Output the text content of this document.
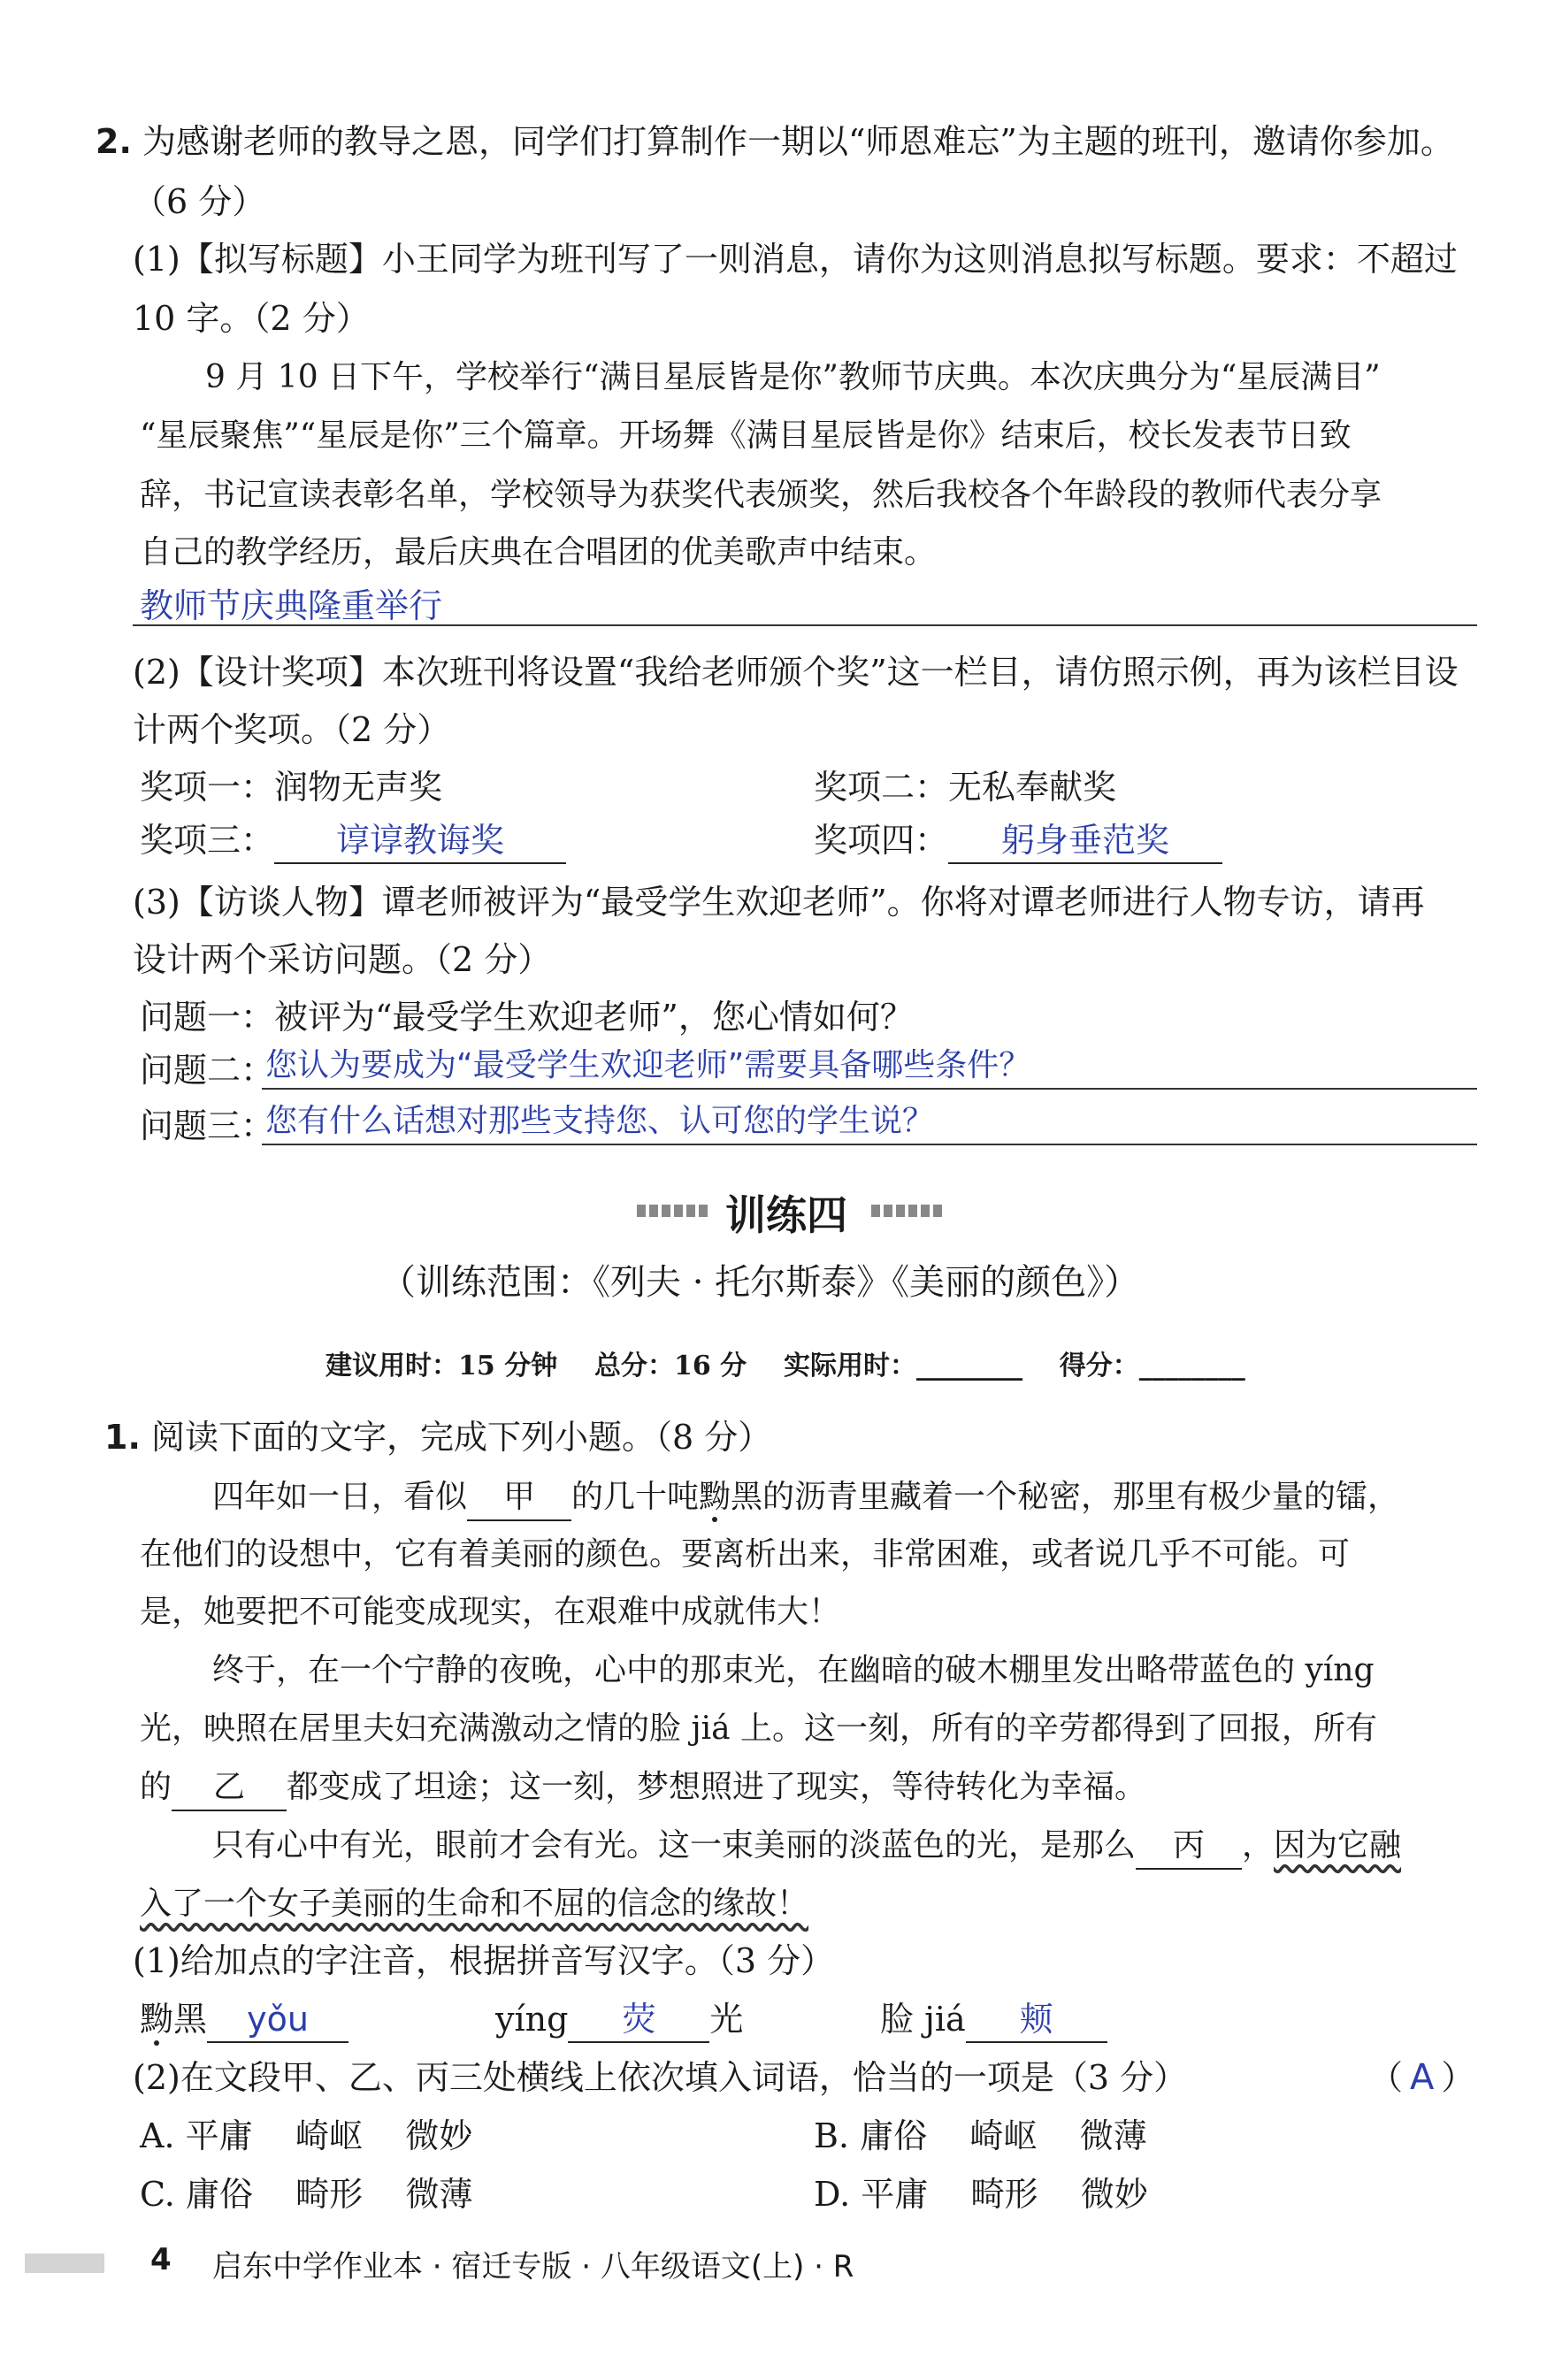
2. 为感谢老师的教导之恩，同学们打算制作一期以“师恩难忘”为主题的班刊，邀请你参加。
（6 分）
(1)【拟写标题】小王同学为班刊写了一则消息，请你为这则消息拟写标题。要求：不超过
10 字。（2 分）
9 月 10 日下午，学校举行“满目星辰皆是你”教师节庆典。本次庆典分为“星辰满目”
“星辰聚焦”“星辰是你”三个篇章。开场舞《满目星辰皆是你》结束后，校长发表节日致
辞，书记宣读表彰名单，学校领导为获奖代表颁奖，然后我校各个年龄段的教师代表分享
自己的教学经历，最后庆典在合唱团的优美歌声中结束。
教师节庆典隆重举行
(2)【设计奖项】本次班刊将设置“我给老师颁个奖”这一栏目，请仿照示例，再为该栏目设
计两个奖项。（2 分）
奖项一：润物无声奖	奖项二：无私奉献奖
奖项三： 谆谆教诲奖	奖项四： 躬身垂范奖
(3)【访谈人物】谭老师被评为“最受学生欢迎老师”。你将对谭老师进行人物专访，请再
设计两个采访问题。（2 分）
问题一：被评为“最受学生欢迎老师”，您心情如何？
问题二：
您认为要成为“最受学生欢迎老师”需要具备哪些条件？
问题三：
您有什么话想对那些支持您、认可您的学生说？
训练四
（训练范围：《列夫 · 托尔斯泰》《美丽的颜色》）
建议用时：15 分钟    总分：16 分    实际用时：________    得分：________
1. 阅读下面的文字，完成下列小题。（8 分）
四年如一日，看似 甲 的几十吨黝黑的沥青里藏着一个秘密，那里有极少量的镭，
在他们的设想中，它有着美丽的颜色。要离析出来，非常困难，或者说几乎不可能。可
是，她要把不可能变成现实，在艰难中成就伟大！
终于，在一个宁静的夜晚，心中的那束光，在幽暗的破木棚里发出略带蓝色的 yíng
光，映照在居里夫妇充满激动之情的脸 jiá 上。这一刻，所有的辛劳都得到了回报，所有
的 乙 都变成了坦途；这一刻，梦想照进了现实，等待转化为幸福。
只有心中有光，眼前才会有光。这一束美丽的淡蓝色的光，是那么 丙 ，因为它融
入了一个女子美丽的生命和不屈的信念的缘故！
(1)给加点的字注音，根据拼音写汉字。（3 分）
黝黑 yǒu	yíng 荧 光	脸 jiá 颊
(2)在文段甲、乙、丙三处横线上依次填入词语，恰当的一项是（3 分）	（ A ）
A. 平庸    崎岖    微妙	B. 庸俗    崎岖    微薄
C. 庸俗    畸形    微薄	D. 平庸    畸形    微妙
4 启东中学作业本 · 宿迁专版 · 八年级语文(上) · R
